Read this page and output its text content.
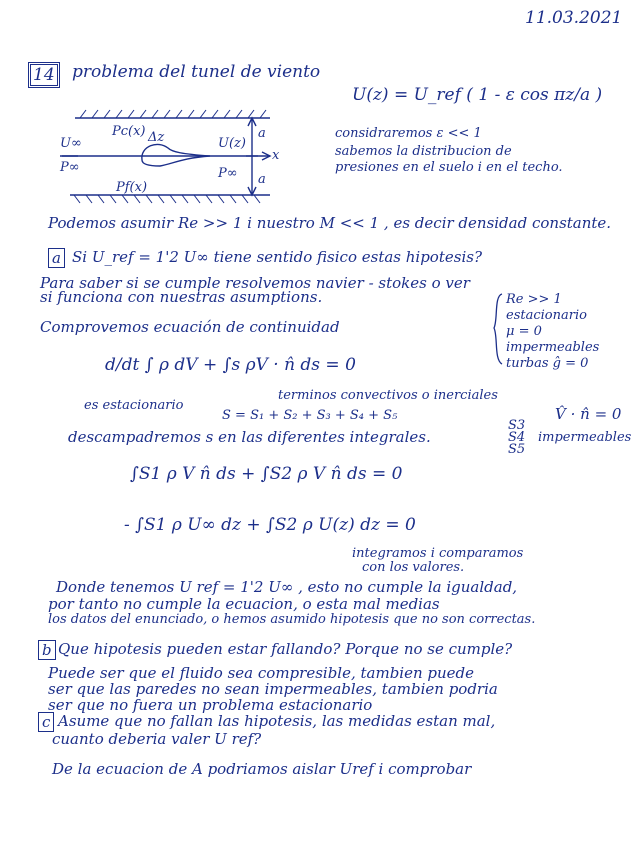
11.03.2021
14 problema del tunel de viento
U(z) = U_ref ( 1 - ε cos πz/a )
Pc(x) Δz	U(z)
a
U∞
P∞
x
P∞ a
Pf(x)
considraremos ε << 1
sabemos la distribucion de
presiones en el suelo i en el techo.
Podemos asumir Re >> 1 i nuestro M << 1 , es decir densidad constante.
a Si U_ref = 1'2 U∞ tiene sentido fisico estas hipotesis?
Para saber si se cumple resolvemos navier - stokes o ver
si funciona con nuestras asumptions.	Re >> 1
estacionario
μ = 0
impermeables
turbas ĝ = 0
Comprovemos ecuación de continuidad
d/dt ∫ ρ dV + ∫s ρV · n̂ ds = 0
es estacionario
terminos convectivos o inerciales
S = S₁ + S₂ + S₃ + S₄ + S₅	V̂ · n̂ = 0
S3
S4
S5
impermeables
descampadremos s en las diferentes integrales.
∫S1 ρ V n̂ ds + ∫S2 ρ V n̂ ds = 0
- ∫S1 ρ U∞ dz + ∫S2 ρ U(z) dz = 0
integramos i comparamos
con los valores.
Donde tenemos U ref = 1'2 U∞ , esto no cumple la igualdad,
por tanto no cumple la ecuacion, o esta mal medias
los datos del enunciado, o hemos asumido hipotesis que no son correctas.
b Que hipotesis pueden estar fallando? Porque no se cumple?
Puede ser que el fluido sea compresible, tambien puede
ser que las paredes no sean impermeables, tambien podria
ser que no fuera un problema estacionario
c Asume que no fallan las hipotesis, las medidas estan mal,
cuanto deberia valer U ref?
De la ecuacion de A podriamos aislar Uref i comprobar
